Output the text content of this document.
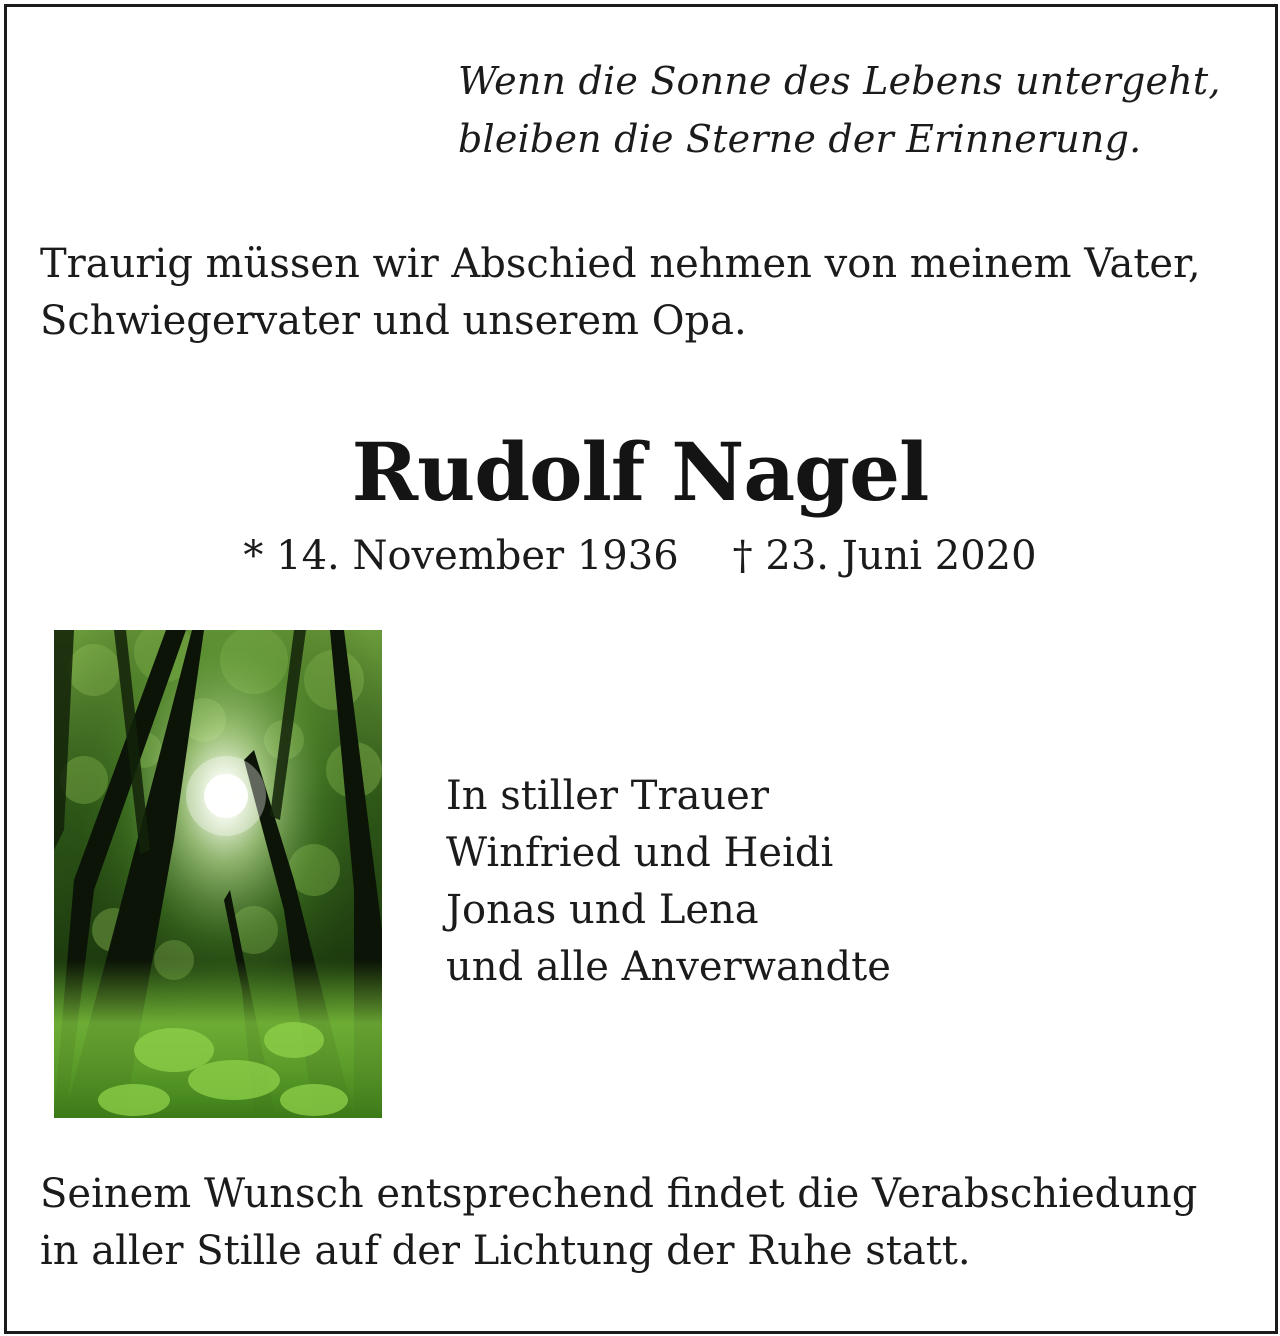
Wenn die Sonne des Lebens untergeht,
bleiben die Sterne der Erinnerung.
Traurig müssen wir Abschied nehmen von meinem Vater,
Schwiegervater und unserem Opa.
Rudolf Nagel
* 14. November 1936 † 23. Juni 2020
In stiller Trauer
Winfried und Heidi
Jonas und Lena
und alle Anverwandte
Seinem Wunsch entsprechend findet die Verabschiedung
in aller Stille auf der Lichtung der Ruhe statt.
